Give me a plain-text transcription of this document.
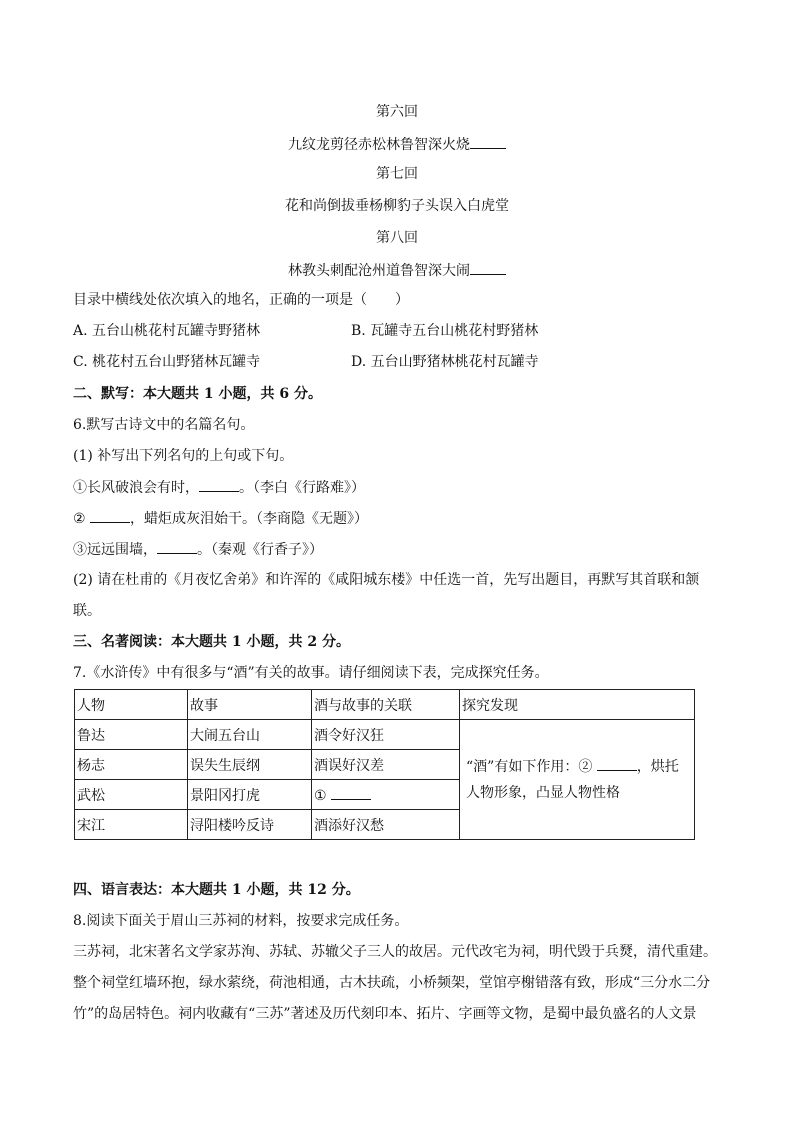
第六回
九纹龙剪径赤松林鲁智深火烧
第七回
花和尚倒拔垂杨柳豹子头误入白虎堂
第八回
林教头刺配沧州道鲁智深大闹
目录中横线处依次填入的地名，正确的一项是（　　）
A. 五台山桃花村瓦罐寺野猪林	B. 瓦罐寺五台山桃花村野猪林
C. 桃花村五台山野猪林瓦罐寺	D. 五台山野猪林桃花村瓦罐寺
二、默写：本大题共 1 小题，共 6 分。
6.默写古诗文中的名篇名句。
(1) 补写出下列名句的上句或下句。
①长风破浪会有时，	。（李白《行路难》）
②	，蜡炬成灰泪始干。（李商隐《无题》）
③远远围墙，	。（秦观《行香子》）
(2) 请在杜甫的《月夜忆舍弟》和许浑的《咸阳城东楼》中任选一首，先写出题目，再默写其首联和颔
联。
三、名著阅读：本大题共 1 小题，共 2 分。
7.《水浒传》中有很多与“酒”有关的故事。请仔细阅读下表，完成探究任务。
人物	故事	酒与故事的关联	探究发现
鲁达	大闹五台山	酒令好汉狂	“酒”有如下作用：② ，烘托人物形象，凸显人物性格
杨志	误失生辰纲	酒误好汉差	
武松	景阳冈打虎	①	
宋江	浔阳楼吟反诗	酒添好汉愁	
四、语言表达：本大题共 1 小题，共 12 分。
8.阅读下面关于眉山三苏祠的材料，按要求完成任务。
三苏祠，北宋著名文学家苏洵、苏轼、苏辙父子三人的故居。元代改宅为祠，明代毁于兵燹，清代重建。
整个祠堂红墙环抱，绿水萦绕，荷池相通，古木扶疏，小桥频架，堂馆亭榭错落有致，形成“三分水二分
竹”的岛居特色。祠内收藏有“三苏”著述及历代刻印本、拓片、字画等文物，是蜀中最负盛名的人文景
